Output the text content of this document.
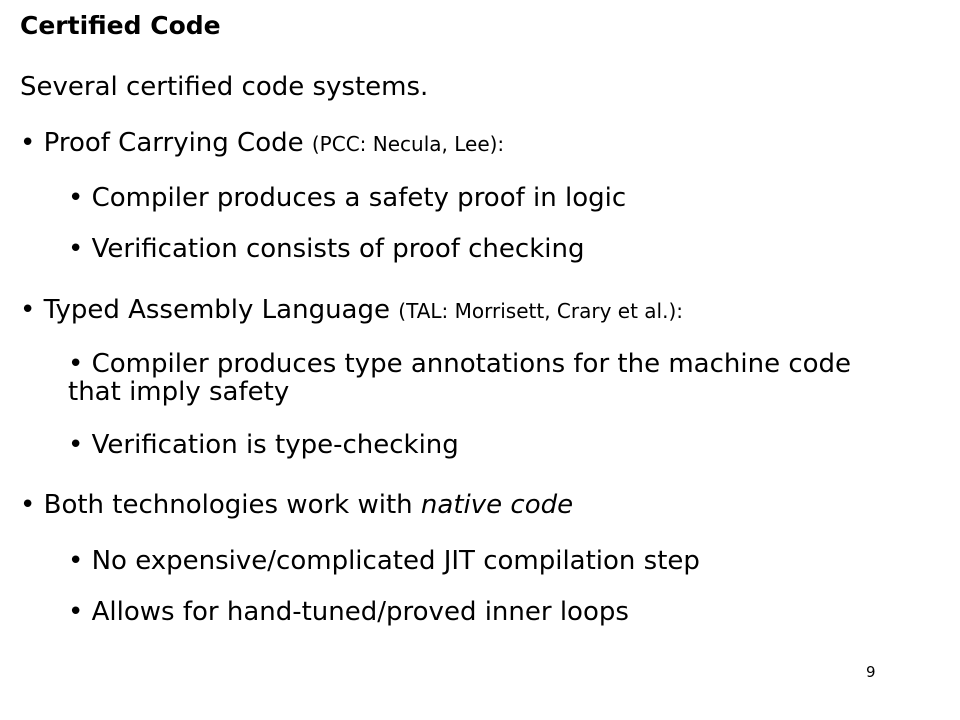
Certified Code
Several certified code systems.
• Proof Carrying Code (PCC: Necula, Lee):
• Compiler produces a safety proof in logic
• Verification consists of proof checking
• Typed Assembly Language (TAL: Morrisett, Crary et al.):
• Compiler produces type annotations for the machine code that imply safety
• Verification is type-checking
• Both technologies work with native code
• No expensive/complicated JIT compilation step
• Allows for hand-tuned/proved inner loops
9
